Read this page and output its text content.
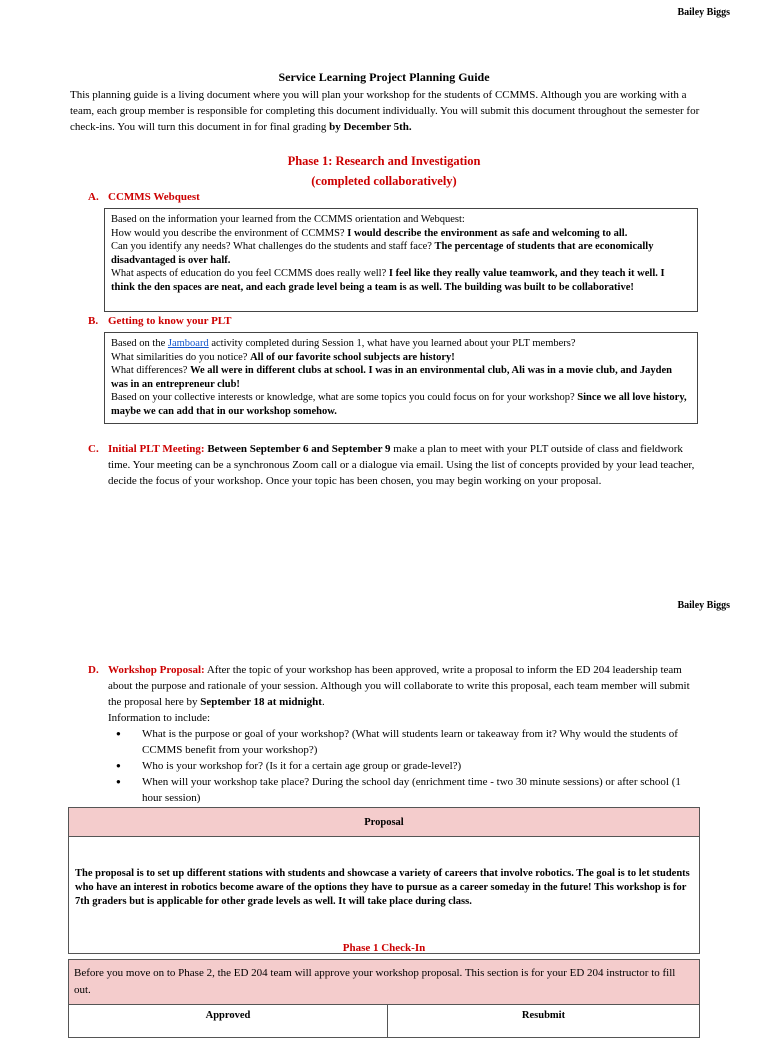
Bailey Biggs
Service Learning Project Planning Guide
This planning guide is a living document where you will plan your workshop for the students of CCMMS. Although you are working with a team, each group member is responsible for completing this document individually. You will submit this document throughout the semester for check-ins. You will turn this document in for final grading by December 5th.
Phase 1: Research and Investigation
(completed collaboratively)
A. CCMMS Webquest
Based on the information your learned from the CCMMS orientation and Webquest:
How would you describe the environment of CCMMS? I would describe the environment as safe and welcoming to all.
Can you identify any needs? What challenges do the students and staff face? The percentage of students that are economically disadvantaged is over half.
What aspects of education do you feel CCMMS does really well? I feel like they really value teamwork, and they teach it well. I think the den spaces are neat, and each grade level being a team is as well. The building was built to be collaborative!
B. Getting to know your PLT
Based on the Jamboard activity completed during Session 1, what have you learned about your PLT members?
What similarities do you notice? All of our favorite school subjects are history!
What differences? We all were in different clubs at school. I was in an environmental club, Ali was in a movie club, and Jayden was in an entrepreneur club!
Based on your collective interests or knowledge, what are some topics you could focus on for your workshop? Since we all love history, maybe we can add that in our workshop somehow.
C. Initial PLT Meeting: Between September 6 and September 9 make a plan to meet with your PLT outside of class and fieldwork time. Your meeting can be a synchronous Zoom call or a dialogue via email. Using the list of concepts provided by your lead teacher, decide the focus of your workshop. Once your topic has been chosen, you may begin working on your proposal.
Bailey Biggs
D. Workshop Proposal: After the topic of your workshop has been approved, write a proposal to inform the ED 204 leadership team about the purpose and rationale of your session. Although you will collaborate to write this proposal, each team member will submit the proposal here by September 18 at midnight.
Information to include:
● What is the purpose or goal of your workshop? (What will students learn or takeaway from it? Why would the students of CCMMS benefit from your workshop?)
● Who is your workshop for? (Is it for a certain age group or grade-level?)
● When will your workshop take place? During the school day (enrichment time - two 30 minute sessions) or after school (1 hour session)
Proposal
The proposal is to set up different stations with students and showcase a variety of careers that involve robotics. The goal is to let students who have an interest in robotics become aware of the options they have to pursue as a career someday in the future! This workshop is for 7th graders but is applicable for other grade levels as well. It will take place during class.
Phase 1 Check-In
Before you move on to Phase 2, the ED 204 team will approve your workshop proposal. This section is for your ED 204 instructor to fill out.
Approved	Resubmit
